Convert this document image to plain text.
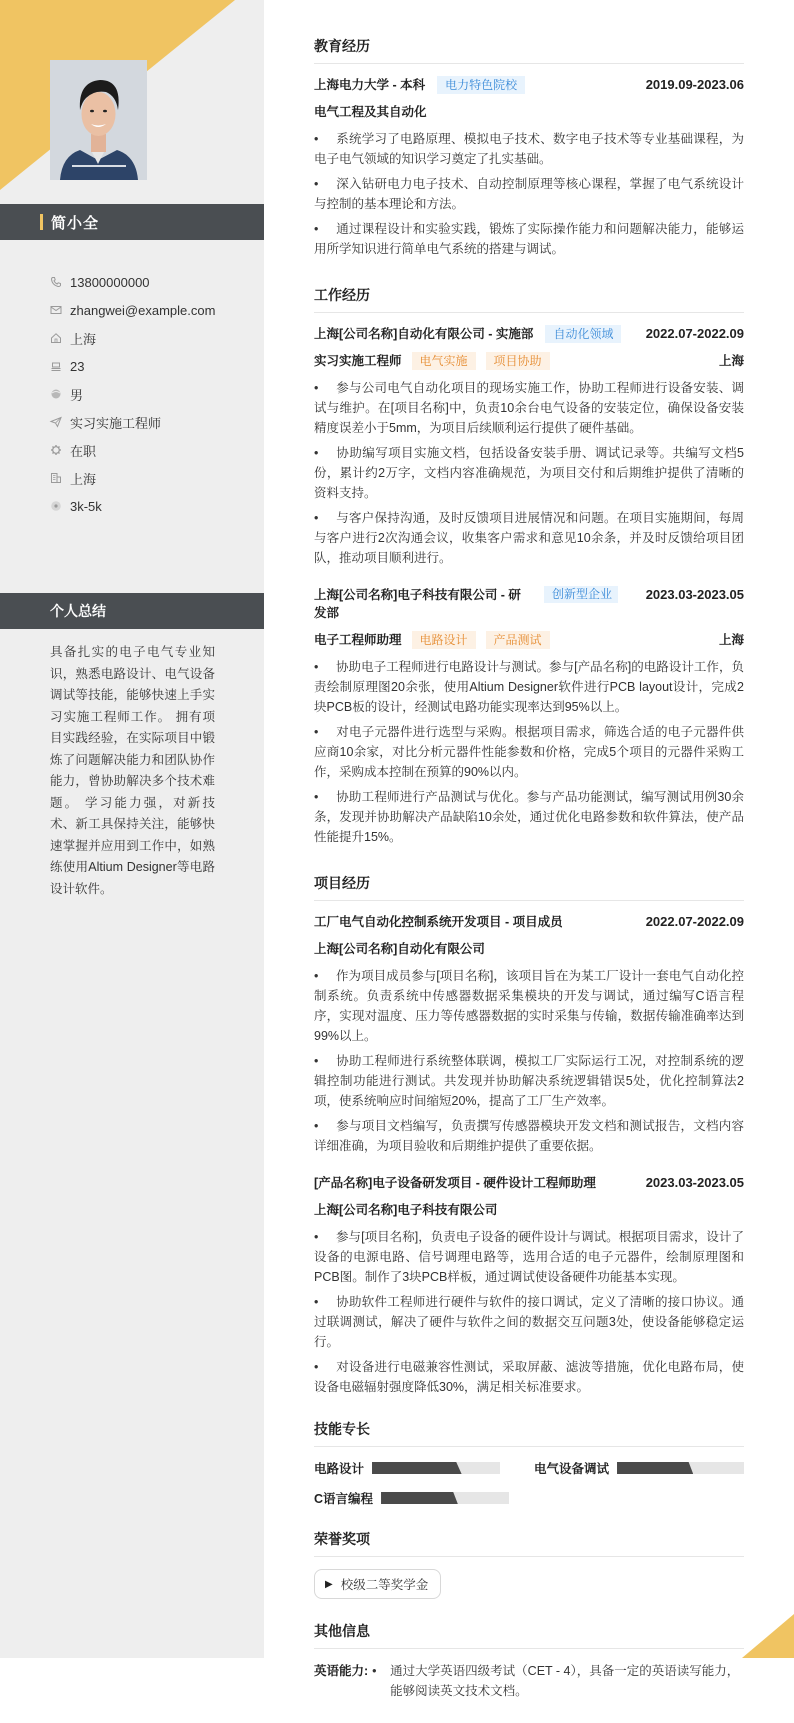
简小全
13800000000
zhangwei@example.com
上海
23
男
实习实施工程师
在职
上海
3k-5k
个人总结

具备扎实的电子电气专业知识，熟悉电路设计、电气设备调试等技能，能够快速上手实习实施工程师工作。 拥有项目实践经验，在实际项目中锻炼了问题解决能力和团队协作能力，曾协助解决多个技术难题。 学习能力强，对新技术、新工具保持关注，能够快速掌握并应用到工作中，如熟练使用Altium Designer等电路设计软件。

教育经历
上海电力大学 - 本科	电力特色院校	2019.09-2023.06
电气工程及其自动化
• 系统学习了电路原理、模拟电子技术、数字电子技术等专业基础课程，为电子电气领域的知识学习奠定了扎实基础。
• 深入钻研电力电子技术、自动控制原理等核心课程，掌握了电气系统设计与控制的基本理论和方法。
• 通过课程设计和实验实践，锻炼了实际操作能力和问题解决能力，能够运用所学知识进行简单电气系统的搭建与调试。
工作经历
上海[公司名称]自动化有限公司 - 实施部	自动化领域	2022.07-2022.09
实习实施工程师	电气实施	项目协助	上海
• 参与公司电气自动化项目的现场实施工作，协助工程师进行设备安装、调试与维护。在[项目名称]中，负责10余台电气设备的安装定位，确保设备安装精度误差小于5mm，为项目后续顺利运行提供了硬件基础。
• 协助编写项目实施文档，包括设备安装手册、调试记录等。共编写文档5份，累计约2万字，文档内容准确规范，为项目交付和后期维护提供了清晰的资料支持。
• 与客户保持沟通，及时反馈项目进展情况和问题。在项目实施期间，每周与客户进行2次沟通会议，收集客户需求和意见10余条，并及时反馈给项目团队，推动项目顺利进行。
上海[公司名称]电子科技有限公司 - 研发部
创新型企业	2023.03-2023.05
电子工程师助理	电路设计	产品测试	上海
• 协助电子工程师进行电路设计与测试。参与[产品名称]的电路设计工作，负责绘制原理图20余张，使用Altium Designer软件进行PCB layout设计，完成2块PCB板的设计，经测试电路功能实现率达到95%以上。
• 对电子元器件进行选型与采购。根据项目需求，筛选合适的电子元器件供应商10余家，对比分析元器件性能参数和价格，完成5个项目的元器件采购工作，采购成本控制在预算的90%以内。
• 协助工程师进行产品测试与优化。参与产品功能测试，编写测试用例30余条，发现并协助解决产品缺陷10余处，通过优化电路参数和软件算法，使产品性能提升15%。
项目经历
工厂电气自动化控制系统开发项目 - 项目成员	2022.07-2022.09
上海[公司名称]自动化有限公司
• 作为项目成员参与[项目名称]，该项目旨在为某工厂设计一套电气自动化控制系统。负责系统中传感器数据采集模块的开发与调试，通过编写C语言程序，实现对温度、压力等传感器数据的实时采集与传输，数据传输准确率达到99%以上。
• 协助工程师进行系统整体联调，模拟工厂实际运行工况，对控制系统的逻辑控制功能进行测试。共发现并协助解决系统逻辑错误5处，优化控制算法2项，使系统响应时间缩短20%，提高了工厂生产效率。
• 参与项目文档编写，负责撰写传感器模块开发文档和测试报告，文档内容详细准确，为项目验收和后期维护提供了重要依据。
[产品名称]电子设备研发项目 - 硬件设计工程师助理	2023.03-2023.05
上海[公司名称]电子科技有限公司
• 参与[项目名称]，负责电子设备的硬件设计与调试。根据项目需求，设计了设备的电源电路、信号调理电路等，选用合适的电子元器件，绘制原理图和PCB图。制作了3块PCB样板，通过调试使设备硬件功能基本实现。
• 协助软件工程师进行硬件与软件的接口调试，定义了清晰的接口协议。通过联调测试，解决了硬件与软件之间的数据交互问题3处，使设备能够稳定运行。
• 对设备进行电磁兼容性测试，采取屏蔽、滤波等措施，优化电路布局，使设备电磁辐射强度降低30%，满足相关标准要求。
技能专长
电路设计	电气设备调试
C语言编程
荣誉奖项
▶ 校级二等奖学金
其他信息
英语能力: •	通过大学英语四级考试（CET - 4），具备一定的英语读写能力，能够阅读英文技术文档。
